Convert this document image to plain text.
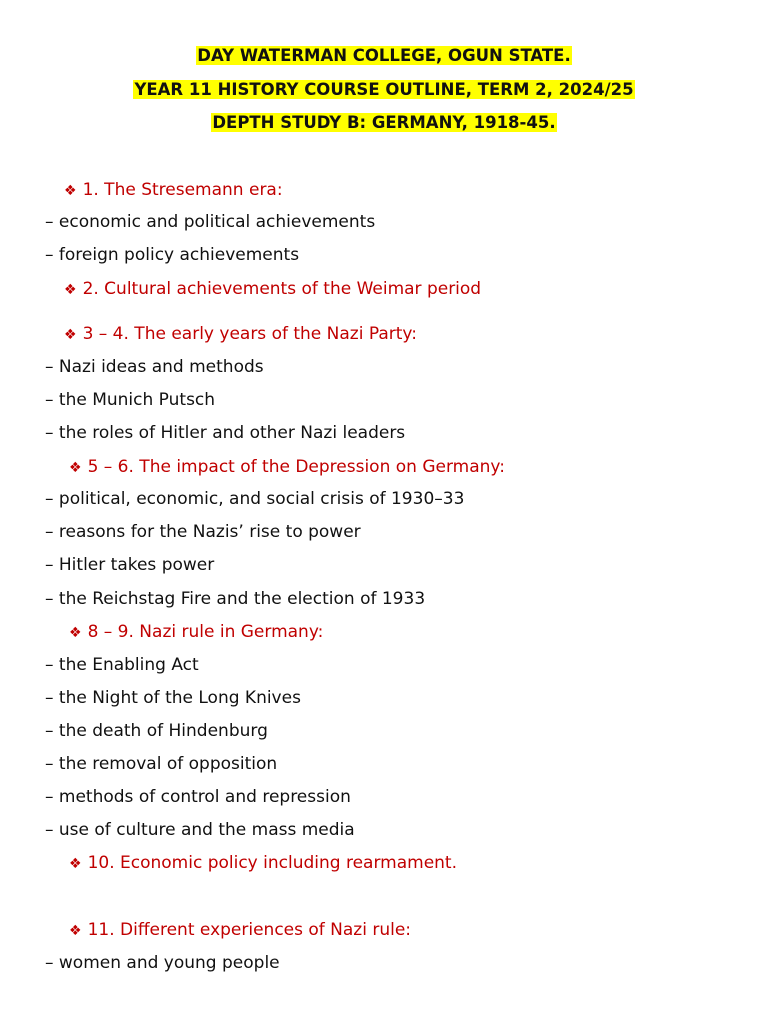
DAY WATERMAN COLLEGE, OGUN STATE.
YEAR 11 HISTORY COURSE OUTLINE, TERM 2, 2024/25
DEPTH STUDY B: GERMANY, 1918-45.
❖ 1. The Stresemann era:
– economic and political achievements
– foreign policy achievements
❖ 2. Cultural achievements of the Weimar period
❖ 3 – 4. The early years of the Nazi Party:
– Nazi ideas and methods
– the Munich Putsch
– the roles of Hitler and other Nazi leaders
❖ 5 – 6. The impact of the Depression on Germany:
– political, economic, and social crisis of 1930–33
– reasons for the Nazis’ rise to power
– Hitler takes power
– the Reichstag Fire and the election of 1933
❖ 8 – 9. Nazi rule in Germany:
– the Enabling Act
– the Night of the Long Knives
– the death of Hindenburg
– the removal of opposition
– methods of control and repression
– use of culture and the mass media
❖ 10. Economic policy including rearmament.
❖ 11. Different experiences of Nazi rule:
– women and young people
